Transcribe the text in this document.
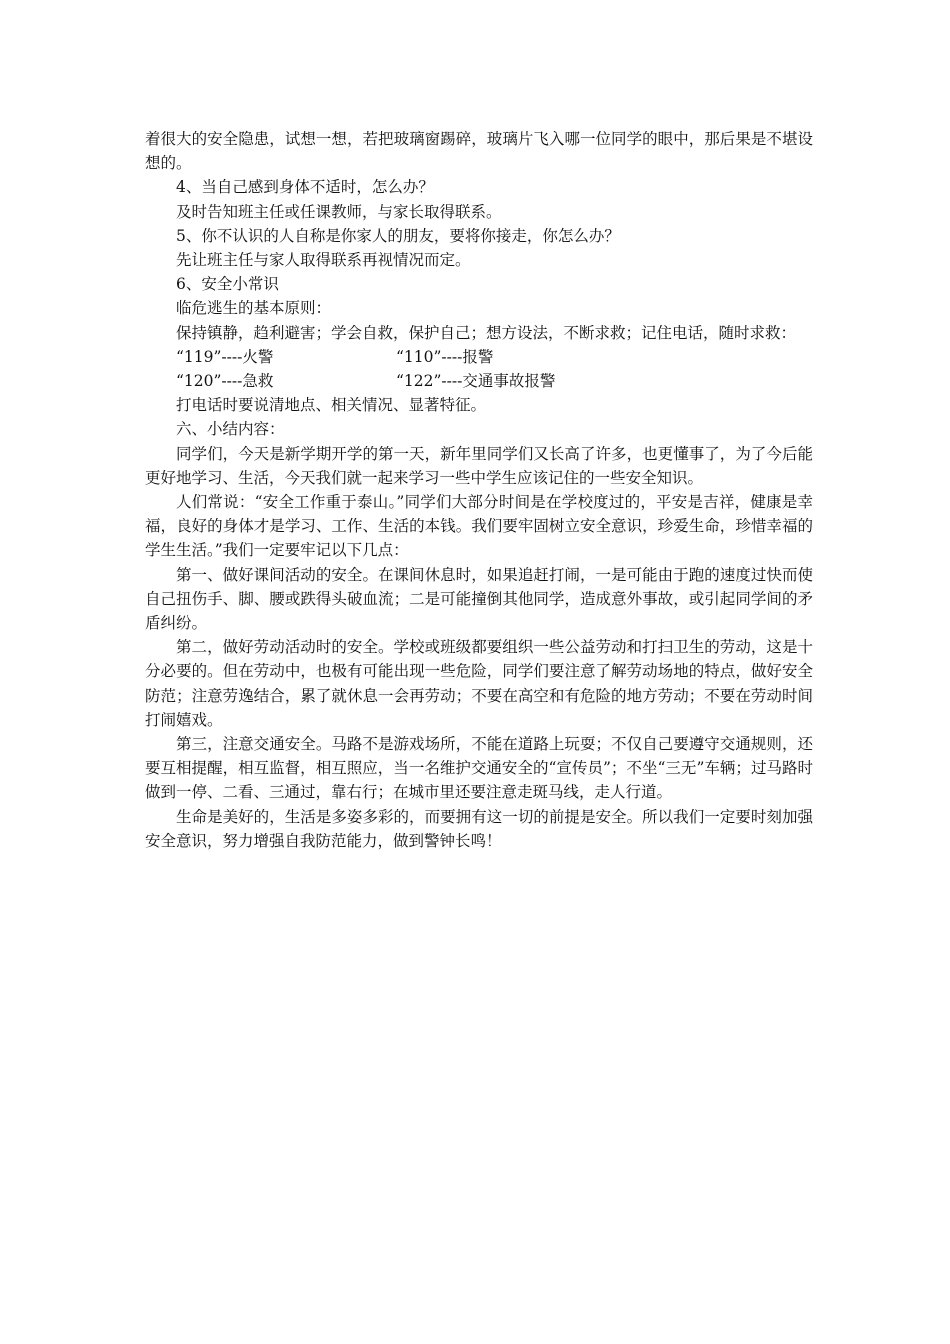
着很大的安全隐患，试想一想，若把玻璃窗踢碎，玻璃片飞入哪一位同学的眼中，那后果是不堪设想的。

4、当自己感到身体不适时，怎么办？

及时告知班主任或任课教师，与家长取得联系。

5、你不认识的人自称是你家人的朋友，要将你接走，你怎么办？

先让班主任与家人取得联系再视情况而定。

6、安全小常识

临危逃生的基本原则：

保持镇静，趋利避害；学会自救，保护自己；想方设法，不断求救；记住电话，随时求救：

“119”----火警	“110”----报警
“120”----急救	“122”----交通事故报警

打电话时要说清地点、相关情况、显著特征。

六、小结内容：

同学们，今天是新学期开学的第一天，新年里同学们又长高了许多，也更懂事了，为了今后能更好地学习、生活，今天我们就一起来学习一些中学生应该记住的一些安全知识。

人们常说：“安全工作重于泰山。”同学们大部分时间是在学校度过的，平安是吉祥，健康是幸福，良好的身体才是学习、工作、生活的本钱。我们要牢固树立安全意识，珍爱生命，珍惜幸福的学生生活。”我们一定要牢记以下几点：

第一、做好课间活动的安全。在课间休息时，如果追赶打闹，一是可能由于跑的速度过快而使自己扭伤手、脚、腰或跌得头破血流；二是可能撞倒其他同学，造成意外事故，或引起同学间的矛盾纠纷。

第二，做好劳动活动时的安全。学校或班级都要组织一些公益劳动和打扫卫生的劳动，这是十分必要的。但在劳动中，也极有可能出现一些危险，同学们要注意了解劳动场地的特点，做好安全防范；注意劳逸结合，累了就休息一会再劳动；不要在高空和有危险的地方劳动；不要在劳动时间打闹嬉戏。

第三，注意交通安全。马路不是游戏场所，不能在道路上玩耍；不仅自己要遵守交通规则，还要互相提醒，相互监督，相互照应，当一名维护交通安全的“宣传员”；不坐“三无”车辆；过马路时做到一停、二看、三通过，靠右行；在城市里还要注意走斑马线，走人行道。

生命是美好的，生活是多姿多彩的，而要拥有这一切的前提是安全。所以我们一定要时刻加强安全意识，努力增强自我防范能力，做到警钟长鸣！
